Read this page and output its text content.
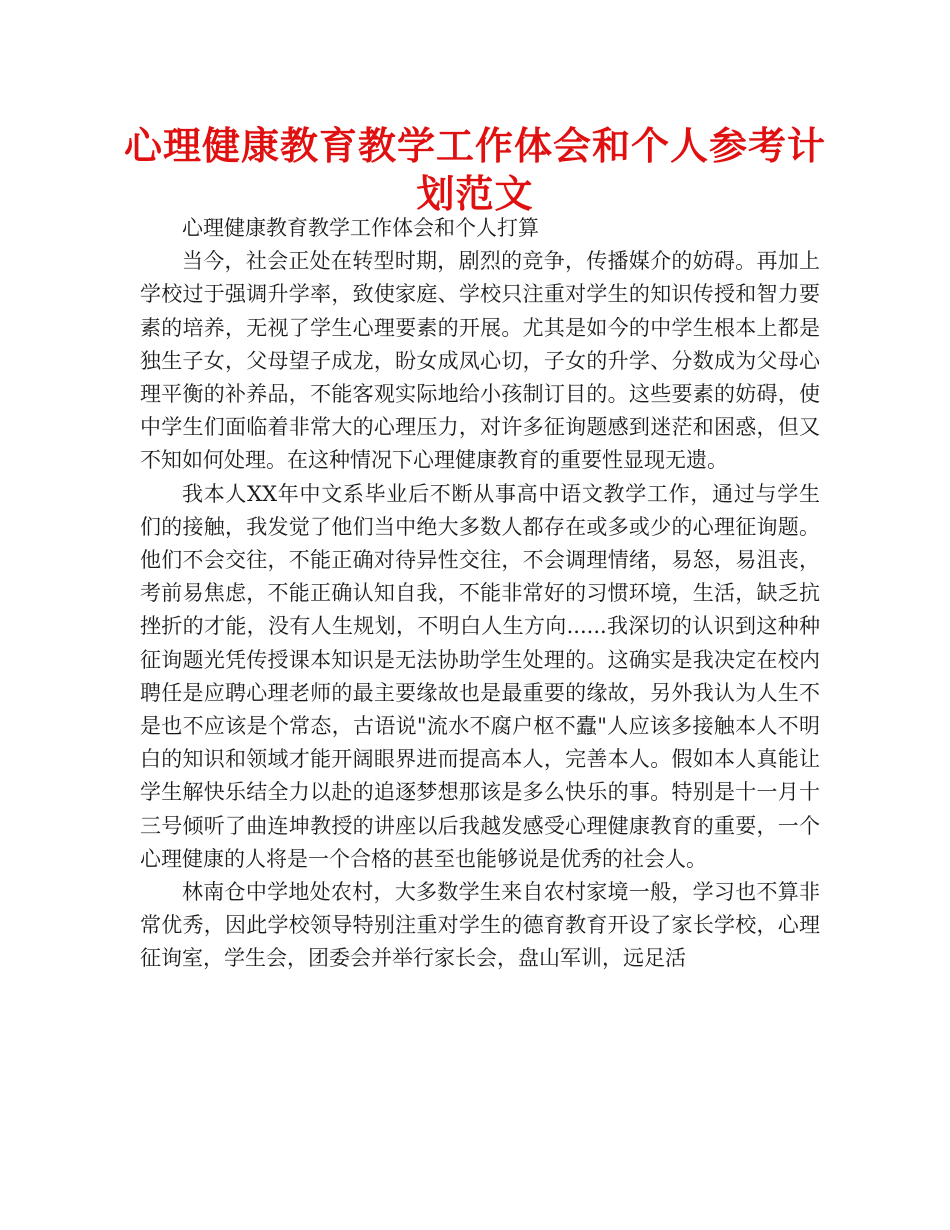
心理健康教育教学工作体会和个人参考计划范文

心理健康教育教学工作体会和个人打算

当今，社会正处在转型时期，剧烈的竞争，传播媒介的妨碍。再加上学校过于强调升学率，致使家庭、学校只注重对学生的知识传授和智力要素的培养，无视了学生心理要素的开展。尤其是如今的中学生根本上都是独生子女，父母望子成龙，盼女成凤心切，子女的升学、分数成为父母心理平衡的补养品，不能客观实际地给小孩制订目的。这些要素的妨碍，使中学生们面临着非常大的心理压力，对许多征询题感到迷茫和困惑，但又不知如何处理。在这种情况下心理健康教育的重要性显现无遗。

我本人XX年中文系毕业后不断从事高中语文教学工作，通过与学生们的接触，我发觉了他们当中绝大多数人都存在或多或少的心理征询题。他们不会交往，不能正确对待异性交往，不会调理情绪，易怒，易沮丧，考前易焦虑，不能正确认知自我，不能非常好的习惯环境，生活，缺乏抗挫折的才能，没有人生规划，不明白人生方向......我深切的认识到这种种征询题光凭传授课本知识是无法协助学生处理的。这确实是我决定在校内聘任是应聘心理老师的最主要缘故也是最重要的缘故，另外我认为人生不是也不应该是个常态，古语说"流水不腐户枢不蠹"人应该多接触本人不明白的知识和领域才能开阔眼界进而提高本人，完善本人。假如本人真能让学生解快乐结全力以赴的追逐梦想那该是多么快乐的事。特别是十一月十三号倾听了曲连坤教授的讲座以后我越发感受心理健康教育的重要，一个心理健康的人将是一个合格的甚至也能够说是优秀的社会人。

林南仓中学地处农村，大多数学生来自农村家境一般，学习也不算非常优秀，因此学校领导特别注重对学生的德育教育开设了家长学校，心理征询室，学生会，团委会并举行家长会，盘山军训，远足活
